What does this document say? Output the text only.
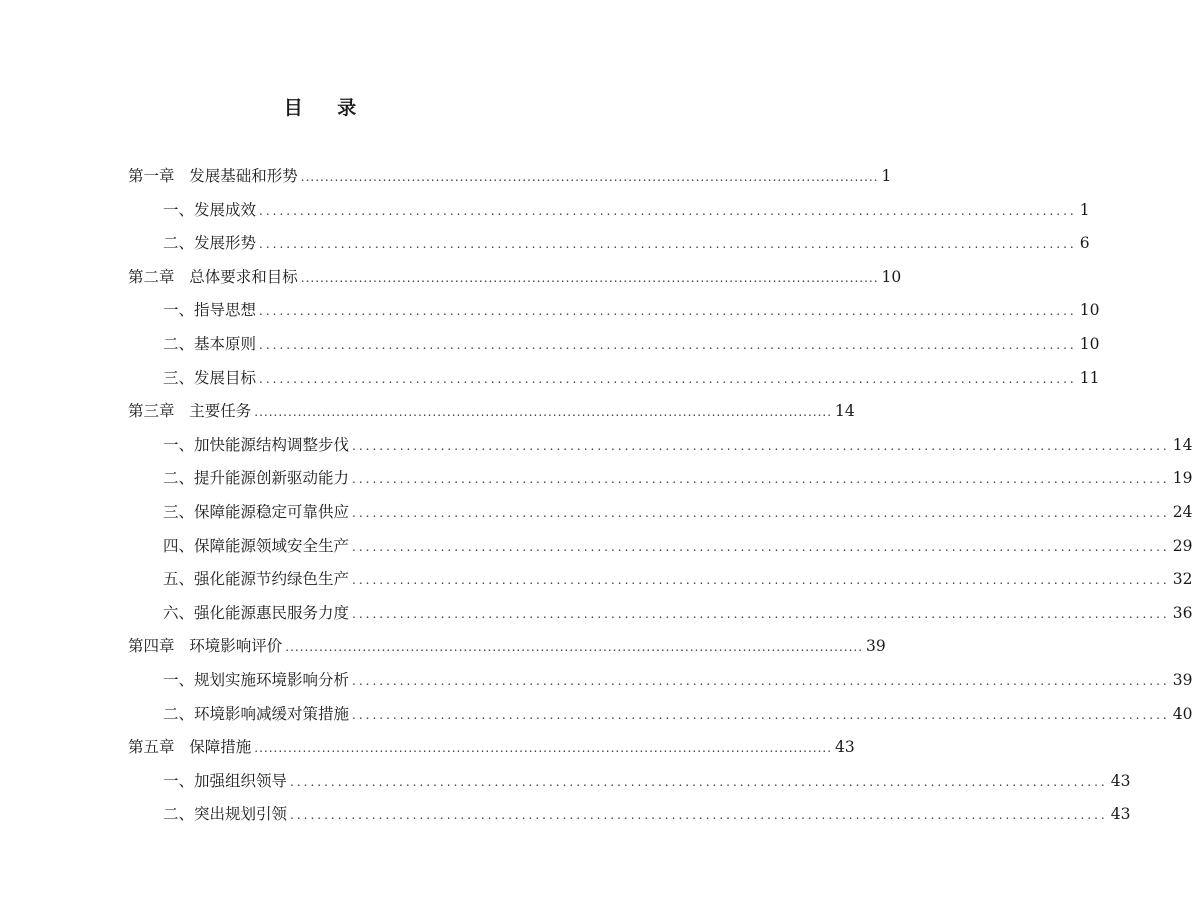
目 录
第一章   发展基础和形势 ........................................................................................................................ 1
一、发展成效 ........................................................................................................................ 1
二、发展形势 ........................................................................................................................ 6
第二章   总体要求和目标 ........................................................................................................................ 10
一、指导思想 ........................................................................................................................ 10
二、基本原则 ........................................................................................................................ 10
三、发展目标 ........................................................................................................................ 11
第三章   主要任务 ........................................................................................................................ 14
一、加快能源结构调整步伐 ........................................................................................................................ 14
二、提升能源创新驱动能力 ........................................................................................................................ 19
三、保障能源稳定可靠供应 ........................................................................................................................ 24
四、保障能源领域安全生产 ........................................................................................................................ 29
五、强化能源节约绿色生产 ........................................................................................................................ 32
六、强化能源惠民服务力度 ........................................................................................................................ 36
第四章   环境影响评价 ........................................................................................................................ 39
一、规划实施环境影响分析 ........................................................................................................................ 39
二、环境影响减缓对策措施 ........................................................................................................................ 40
第五章   保障措施 ........................................................................................................................ 43
一、加强组织领导 ........................................................................................................................ 43
二、突出规划引领 ........................................................................................................................ 43
